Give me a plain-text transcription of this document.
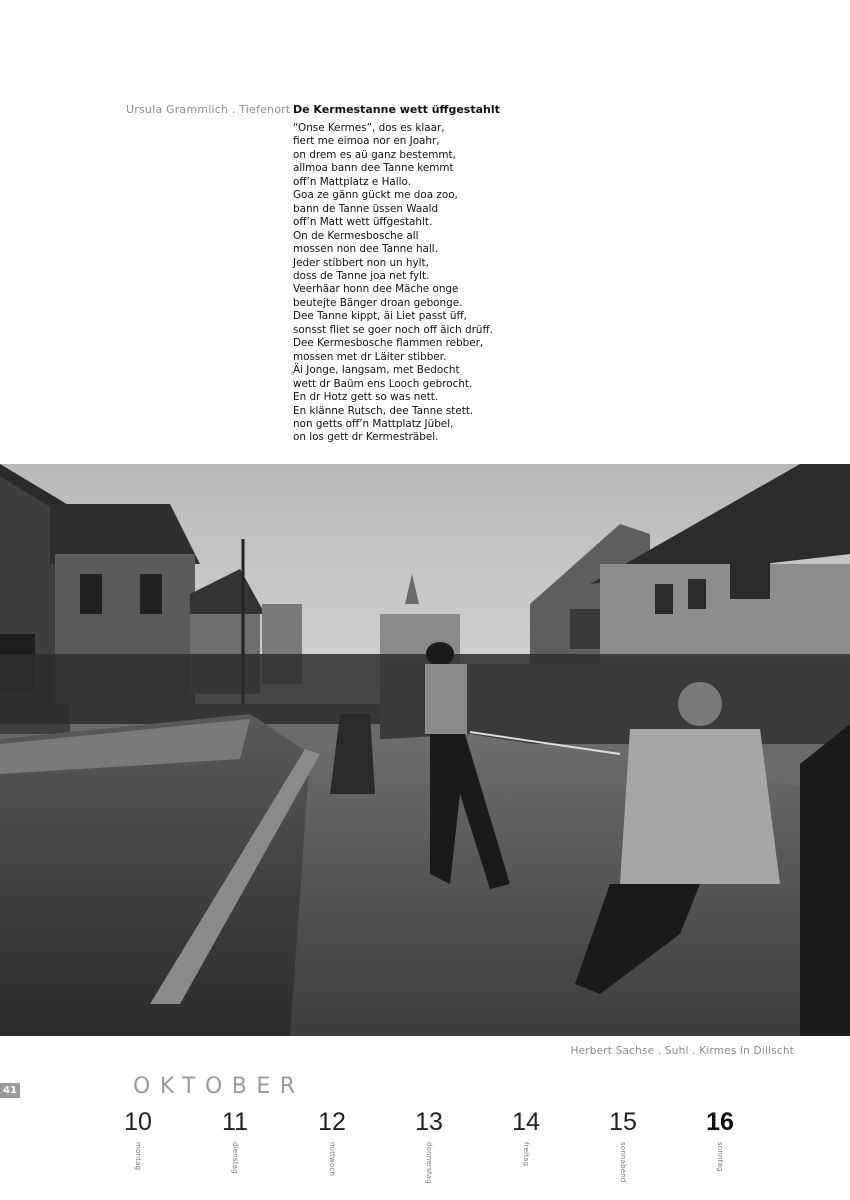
Ursula Grammlich . Tiefenort De Kermestanne wett üffgestahlt
“Onse Kermes”, dos es klaar,
fiert me eimoa nor en Joahr,
on drem es aü ganz bestemmt,
allmoa bann dee Tanne kemmt
off’n Mattplatz e Hallo.
Goa ze gänn gückt me doa zoo,
bann de Tanne üssen Waald
off’n Matt wett üffgestahlt.
On de Kermesbosche all
mossen non dee Tanne hall.
Jeder stibbert non un hylt,
doss de Tanne joa net fylt.
Veerhäar honn dee Mäche onge
beutejte Bänger droan gebonge.
Dee Tanne kippt, äi Liet passt üff,
sonsst fliet se goer noch off äich drüff.
Dee Kermesbosche flammen rebber,
mossen met dr Läiter stibber.
Äi Jonge, langsam, met Bedocht
wett dr Baüm ens Looch gebrocht.
En dr Hotz gett so was nett.
En klänne Rutsch, dee Tanne stett.
non getts off’n Mattplatz Jübel,
on los gett dr Kermesträbel.
Herbert Sachse . Suhl . Kirmes in Dillscht
41	OKTOBER
10
montag
11
dienstag
12
mittwoch
13
donnerstag
14
freitag
15
sonnabend
16
sonntag
